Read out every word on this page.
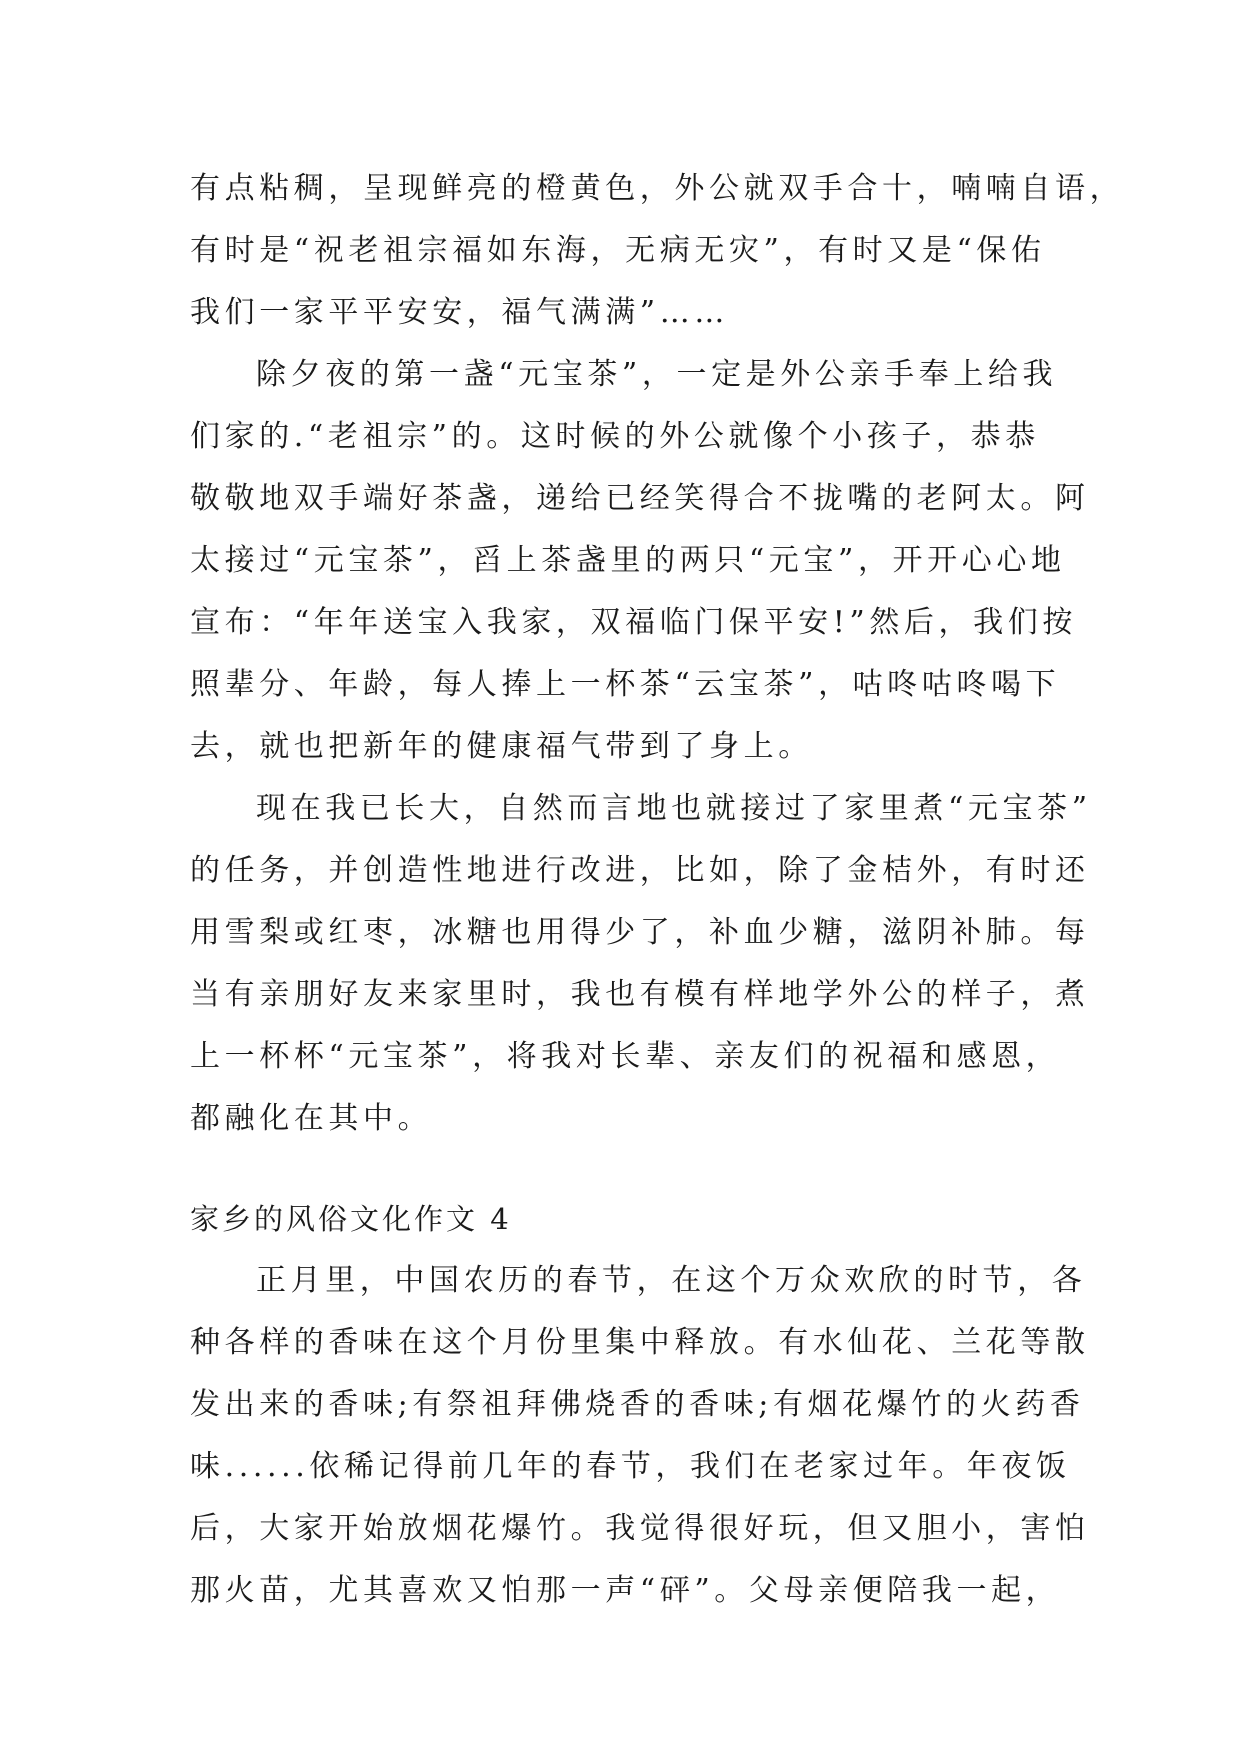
有点粘稠，呈现鲜亮的橙黄色，外公就双手合十，喃喃自语，
有时是“祝老祖宗福如东海，无病无灾”，有时又是“保佑
我们一家平平安安，福气满满”……
除夕夜的第一盏“元宝茶”，一定是外公亲手奉上给我
们家的.“老祖宗”的。这时候的外公就像个小孩子，恭恭
敬敬地双手端好茶盏，递给已经笑得合不拢嘴的老阿太。阿
太接过“元宝茶”，舀上茶盏里的两只“元宝”，开开心心地
宣布：“年年送宝入我家，双福临门保平安!”然后，我们按
照辈分、年龄，每人捧上一杯茶“云宝茶”，咕咚咕咚喝下
去，就也把新年的健康福气带到了身上。
现在我已长大，自然而言地也就接过了家里煮“元宝茶”
的任务，并创造性地进行改进，比如，除了金桔外，有时还
用雪梨或红枣，冰糖也用得少了，补血少糖，滋阴补肺。每
当有亲朋好友来家里时，我也有模有样地学外公的样子，煮
上一杯杯“元宝茶”，将我对长辈、亲友们的祝福和感恩，
都融化在其中。
家乡的风俗文化作文 4
正月里，中国农历的春节，在这个万众欢欣的时节，各
种各样的香味在这个月份里集中释放。有水仙花、兰花等散
发出来的香味;有祭祖拜佛烧香的香味;有烟花爆竹的火药香
味......依稀记得前几年的春节，我们在老家过年。年夜饭
后，大家开始放烟花爆竹。我觉得很好玩，但又胆小，害怕
那火苗，尤其喜欢又怕那一声“砰”。父母亲便陪我一起，
